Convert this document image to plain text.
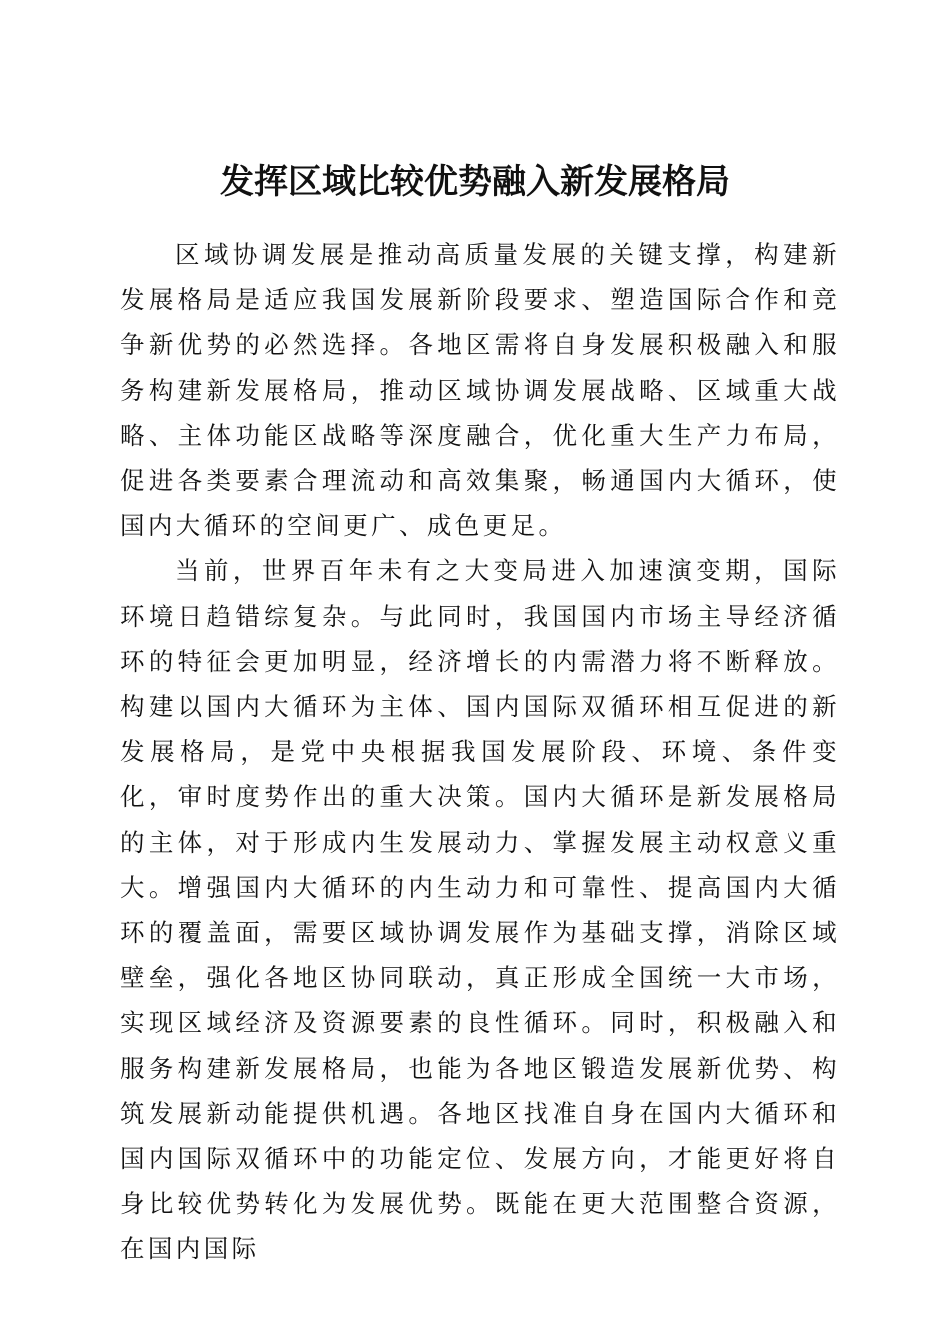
发挥区域比较优势融入新发展格局

区域协调发展是推动高质量发展的关键支撑，构建新发展格局是适应我国发展新阶段要求、塑造国际合作和竞争新优势的必然选择。各地区需将自身发展积极融入和服务构建新发展格局，推动区域协调发展战略、区域重大战略、主体功能区战略等深度融合，优化重大生产力布局，促进各类要素合理流动和高效集聚，畅通国内大循环，使国内大循环的空间更广、成色更足。

当前，世界百年未有之大变局进入加速演变期，国际环境日趋错综复杂。与此同时，我国国内市场主导经济循环的特征会更加明显，经济增长的内需潜力将不断释放。构建以国内大循环为主体、国内国际双循环相互促进的新发展格局，是党中央根据我国发展阶段、环境、条件变化，审时度势作出的重大决策。国内大循环是新发展格局的主体，对于形成内生发展动力、掌握发展主动权意义重大。增强国内大循环的内生动力和可靠性、提高国内大循环的覆盖面，需要区域协调发展作为基础支撑，消除区域壁垒，强化各地区协同联动，真正形成全国统一大市场，实现区域经济及资源要素的良性循环。同时，积极融入和服务构建新发展格局，也能为各地区锻造发展新优势、构筑发展新动能提供机遇。各地区找准自身在国内大循环和国内国际双循环中的功能定位、发展方向，才能更好将自身比较优势转化为发展优势。既能在更大范围整合资源，在国内国际
